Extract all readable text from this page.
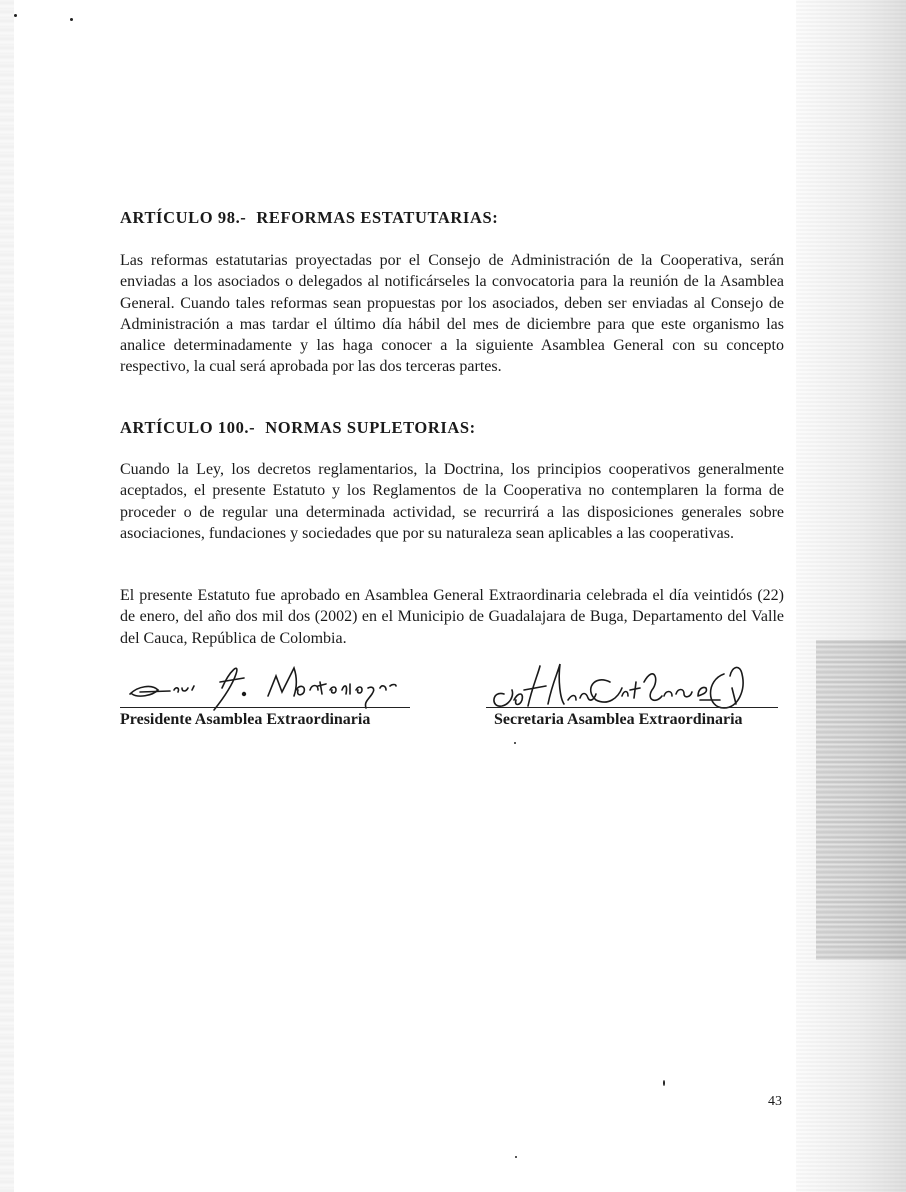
ARTÍCULO 98.- REFORMAS ESTATUTARIAS:

Las reformas estatutarias proyectadas por el Consejo de Administración de la Cooperativa, serán enviadas a los asociados o delegados al notificárseles la convocatoria para la reunión de la Asamblea General. Cuando tales reformas sean propuestas por los asociados, deben ser enviadas al Consejo de Administración a mas tardar el último día hábil del mes de diciembre para que este organismo las analice determinadamente y las haga conocer a la siguiente Asamblea General con su concepto respectivo, la cual será aprobada por las dos terceras partes.

ARTÍCULO 100.- NORMAS SUPLETORIAS:

Cuando la Ley, los decretos reglamentarios, la Doctrina, los principios cooperativos generalmente aceptados, el presente Estatuto y los Reglamentos de la Cooperativa no contemplaren la forma de proceder o de regular una determinada actividad, se recurrirá a las disposiciones generales sobre asociaciones, fundaciones y sociedades que por su naturaleza sean aplicables a las cooperativas.

El presente Estatuto fue aprobado en Asamblea General Extraordinaria celebrada el día veintidós (22) de enero, del año dos mil dos (2002) en el Municipio de Guadalajara de Buga, Departamento del Valle del Cauca, República de Colombia.

Presidente Asamblea Extraordinaria	Secretaria Asamblea Extraordinaria
43
